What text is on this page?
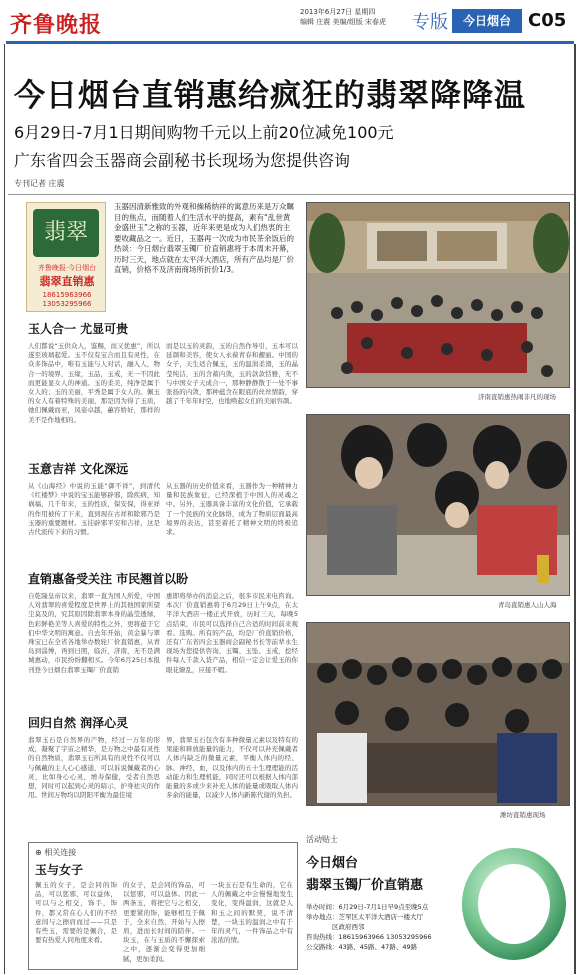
齐鲁晚报	2013年6月27日 星期四
编辑 庄震 美编/组版 宋春虎 专版	今日烟台 C05
今日烟台直销惠给疯狂的翡翠降降温
6月29日-7月1日期间购物千元以上前20位减免100元
广东省四会玉器商会副秘书长现场为您提供咨询
专刊记者 庄震
翡翠
齐鲁晚报·今日烟台
翡翠直销惠
18615963966
13053295966
玉器因清新雅致的外观和操稀纳祥的寓意历来是万众瞩目的焦点，而随着人们生活水平的提高，素有“乱世黄金盛世玉”之称的玉器，近年来更是成为人们热衷的主要收藏品之一。近日，玉器再一次成为市民茶余饭后的热谈：今日烟台翡翠玉镯厂价直销惠将于本周末开幕，历时三天，地点就在太平洋大酒店，所有产品均是厂价直销，价格不及济南商场所折价1/3。
玉人合一 尤显可贵
人们都说“玉供众人，鉴赐，而又优惠”，所以遂至玻璃起爱。玉不仅有宝合而且有灵性，在众多饰品中，唯有玉能与人对话，融入人，物合一的境界，玉缘，玉品，玉戒，无一不因此而更能显女人的神通。玉的柔美，纯净是属于女人的；玉的美丽，平秀是属于女人的。佩玉的女人有着特殊的美丽，那是因为得了玉质，她们佩戴而亚，凤姿卓越，蕙容娇好，那样的美不是作地相的。
而是以玉的灵韵，玉的自然作导引，玉本可以延颜和美容，使女人永葆青春和靓丽。中国的女子，天生适合佩玉，玉的温润柔滑，玉的晶莹纯洁，玉的含蓄内敛，玉的款款恬雅，无不与中国女子天成合一，那种静静散于一处不事张扬的内敛，那种蕴含在眼底的丝丝情韵，穿越了千年年时空，也地唤起女们的美丽容颜。
玉意吉祥 文化深远
从《山海经》中说的玉能“御不祥”，到清代《红楼梦》中说的宝玉能够辟邪，除疾病，知祸福，几千年来，玉的性质，保安保，得亚祥的作用被传了下来，直到现在古祥和除邪乃是玉器的重要题材。玉挂辟邪平安和吉祥，这是古代流传下来的习惯。
从玉器的历史价值来看，玉器作为一种精神力量和民族象征，已经深植于中国人的灵魂之中。另外，玉器具备丰富的文化价值，它承载了一个民族的文化脉络，成为了物质层面最高境界的表达，甚至着托了精神文明的终极追求。
直销惠备受关注 市民翘首以盼
自乾隆皇帝以来，翡翠一直为国人所爱，中国人对翡翠的喜爱程度是世界上的其他国家所望尘莫及的，究其原因除翡翠本身的晶莹透绿，色彩鲜艳美等人喜爱的特性之外，更将蕴于它们中华文明的寓意。自去年开始，黄金暴与翠珠宝已在全省各地举办数轮厂价直销惠，从青岛到淄博，再到日照，临沂，济南，无不是满城惠动，市民纷纷翻相买。今年6月25日本报刊登今日烟台翡翠玉镯厂价直销
惠即将举办的消息之后，很多市民来电咨询。本次厂价直销惠将于6月29日上午9点，在太平洋大酒店一楼正式开放，历时三天，每晚5点结束，市民可以选择自己合适的时间前来观看、选购。所有的产品，均是厂价直销价格，还有广东省四会玉器商会副秘书长等前辈永生现场为您提供咨询，玉镯、玉坠、玉戒，挖经件每人千款入货产品，相信一定会让爱玉的你眼花缭乱，应接不暇。
回归自然 润泽心灵
翡翠玉石是自然界的产物，经过一万年的形成，凝聚了宇宙之精华，是万物之中最有灵性的自然物质，翡翠玉石所具有的灵性不仅可以与佩戴的主人心心感通，可以诉说佩戴者的心灵，比如身心心灵，增寿保健，受者自然思想，同时可以起到心灵的暗示，护身祛灾的作用。世间万物均以阴阳平衡为最佳境
界，翡翠玉石包含有多种微量元素以及特有的果能和释放能量的能力，不仅可以补充佩戴者人体内缺乏的微量元素，平衡人体内的经、脉、神经、血，以及体内的五十生理理能的活动能力和生理机能，同时还可以根据人体内部能量的多或少来补充人体的能量或吸取人体内多余的能量，以减少人体内新陈代谢的负担。
⊕ 相关连接
玉与女子
佩玉的女子，是会同的饰品，可以惩邪，可以益体，可以与之相交，饰手，饰件，都又常在心人们的不经意间与之擦肩而过——只是有些玉，需要的是佩合，是要有热爱人同角度来看。
的女子，是会同的饰品，可以惩邪，可以益体。因此一两条玉，将把它与之相交，更要紧的饰，能够相互于佩于，全来自然，开始与人擦肩，进而长时间的陪伴。一块玉，在与玉质的不懈探索之中，逐渐会变得更加细腻，更加柔润。
一块玉石是有生命的，它在人的佩戴之中会慢慢地发生变化，变得温润，这就是人和玉之间的默契，说不清楚，一块玉的温润之中有千年的灵气，一件饰品之中有浓浓的情。
济南直销惠热闹非凡的现场
青岛直销惠人山人海
潍坊直销惠现场
活动贴士
今日烟台
翡翠玉镯厂价直销惠
举办时间：6月29日-7月1日早9点至晚5点
举办地点：芝罘区太平洋大酒店一楼大厅
区政府西邻
咨询热线：18615963966 13053295966
公交路线：43路、45路、47路、49路
